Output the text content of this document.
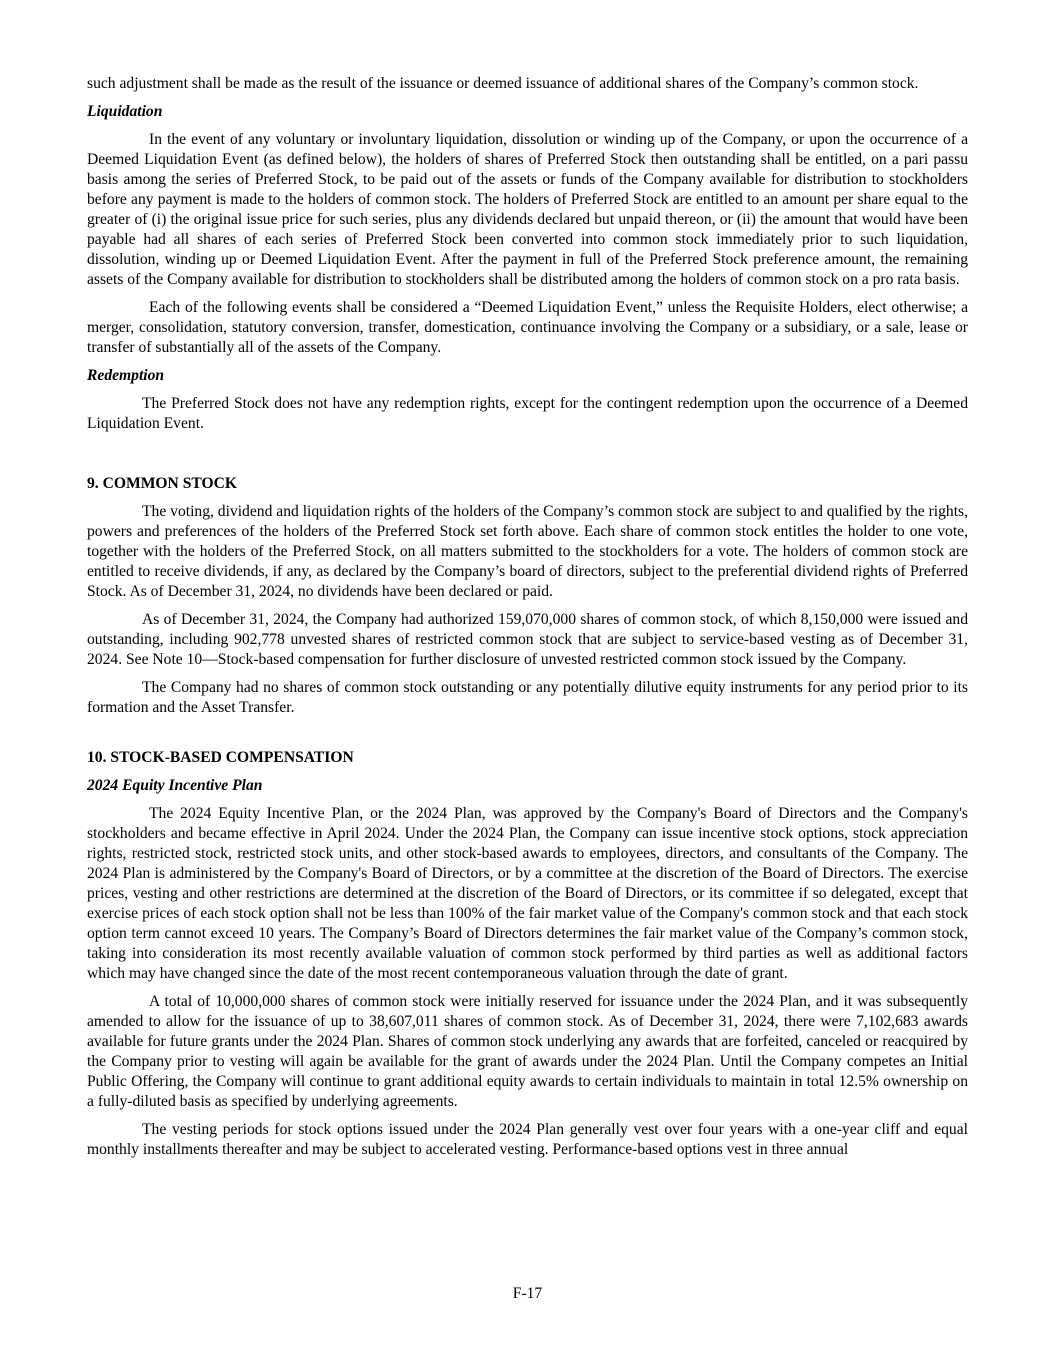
such adjustment shall be made as the result of the issuance or deemed issuance of additional shares of the Company’s common stock.

Liquidation

In the event of any voluntary or involuntary liquidation, dissolution or winding up of the Company, or upon the occurrence of a Deemed Liquidation Event (as defined below), the holders of shares of Preferred Stock then outstanding shall be entitled, on a pari passu basis among the series of Preferred Stock, to be paid out of the assets or funds of the Company available for distribution to stockholders before any payment is made to the holders of common stock. The holders of Preferred Stock are entitled to an amount per share equal to the greater of (i) the original issue price for such series, plus any dividends declared but unpaid thereon, or (ii) the amount that would have been payable had all shares of each series of Preferred Stock been converted into common stock immediately prior to such liquidation, dissolution, winding up or Deemed Liquidation Event. After the payment in full of the Preferred Stock preference amount, the remaining assets of the Company available for distribution to stockholders shall be distributed among the holders of common stock on a pro rata basis.

Each of the following events shall be considered a “Deemed Liquidation Event,” unless the Requisite Holders, elect otherwise; a merger, consolidation, statutory conversion, transfer, domestication, continuance involving the Company or a subsidiary, or a sale, lease or transfer of substantially all of the assets of the Company.

Redemption

The Preferred Stock does not have any redemption rights, except for the contingent redemption upon the occurrence of a Deemed Liquidation Event.

9. COMMON STOCK

The voting, dividend and liquidation rights of the holders of the Company’s common stock are subject to and qualified by the rights, powers and preferences of the holders of the Preferred Stock set forth above. Each share of common stock entitles the holder to one vote, together with the holders of the Preferred Stock, on all matters submitted to the stockholders for a vote. The holders of common stock are entitled to receive dividends, if any, as declared by the Company’s board of directors, subject to the preferential dividend rights of Preferred Stock. As of December 31, 2024, no dividends have been declared or paid.

As of December 31, 2024, the Company had authorized 159,070,000 shares of common stock, of which 8,150,000 were issued and outstanding, including 902,778 unvested shares of restricted common stock that are subject to service-based vesting as of December 31, 2024. See Note 10—Stock-based compensation for further disclosure of unvested restricted common stock issued by the Company.

The Company had no shares of common stock outstanding or any potentially dilutive equity instruments for any period prior to its formation and the Asset Transfer.

10. STOCK-BASED COMPENSATION
2024 Equity Incentive Plan

The 2024 Equity Incentive Plan, or the 2024 Plan, was approved by the Company's Board of Directors and the Company's stockholders and became effective in April 2024. Under the 2024 Plan, the Company can issue incentive stock options, stock appreciation rights, restricted stock, restricted stock units, and other stock-based awards to employees, directors, and consultants of the Company. The 2024 Plan is administered by the Company's Board of Directors, or by a committee at the discretion of the Board of Directors. The exercise prices, vesting and other restrictions are determined at the discretion of the Board of Directors, or its committee if so delegated, except that exercise prices of each stock option shall not be less than 100% of the fair market value of the Company's common stock and that each stock option term cannot exceed 10 years. The Company’s Board of Directors determines the fair market value of the Company’s common stock, taking into consideration its most recently available valuation of common stock performed by third parties as well as additional factors which may have changed since the date of the most recent contemporaneous valuation through the date of grant.

A total of 10,000,000 shares of common stock were initially reserved for issuance under the 2024 Plan, and it was subsequently amended to allow for the issuance of up to 38,607,011 shares of common stock. As of December 31, 2024, there were 7,102,683 awards available for future grants under the 2024 Plan. Shares of common stock underlying any awards that are forfeited, canceled or reacquired by the Company prior to vesting will again be available for the grant of awards under the 2024 Plan. Until the Company competes an Initial Public Offering, the Company will continue to grant additional equity awards to certain individuals to maintain in total 12.5% ownership on a fully-diluted basis as specified by underlying agreements.

The vesting periods for stock options issued under the 2024 Plan generally vest over four years with a one-year cliff and equal monthly installments thereafter and may be subject to accelerated vesting. Performance-based options vest in three annual

F-17
